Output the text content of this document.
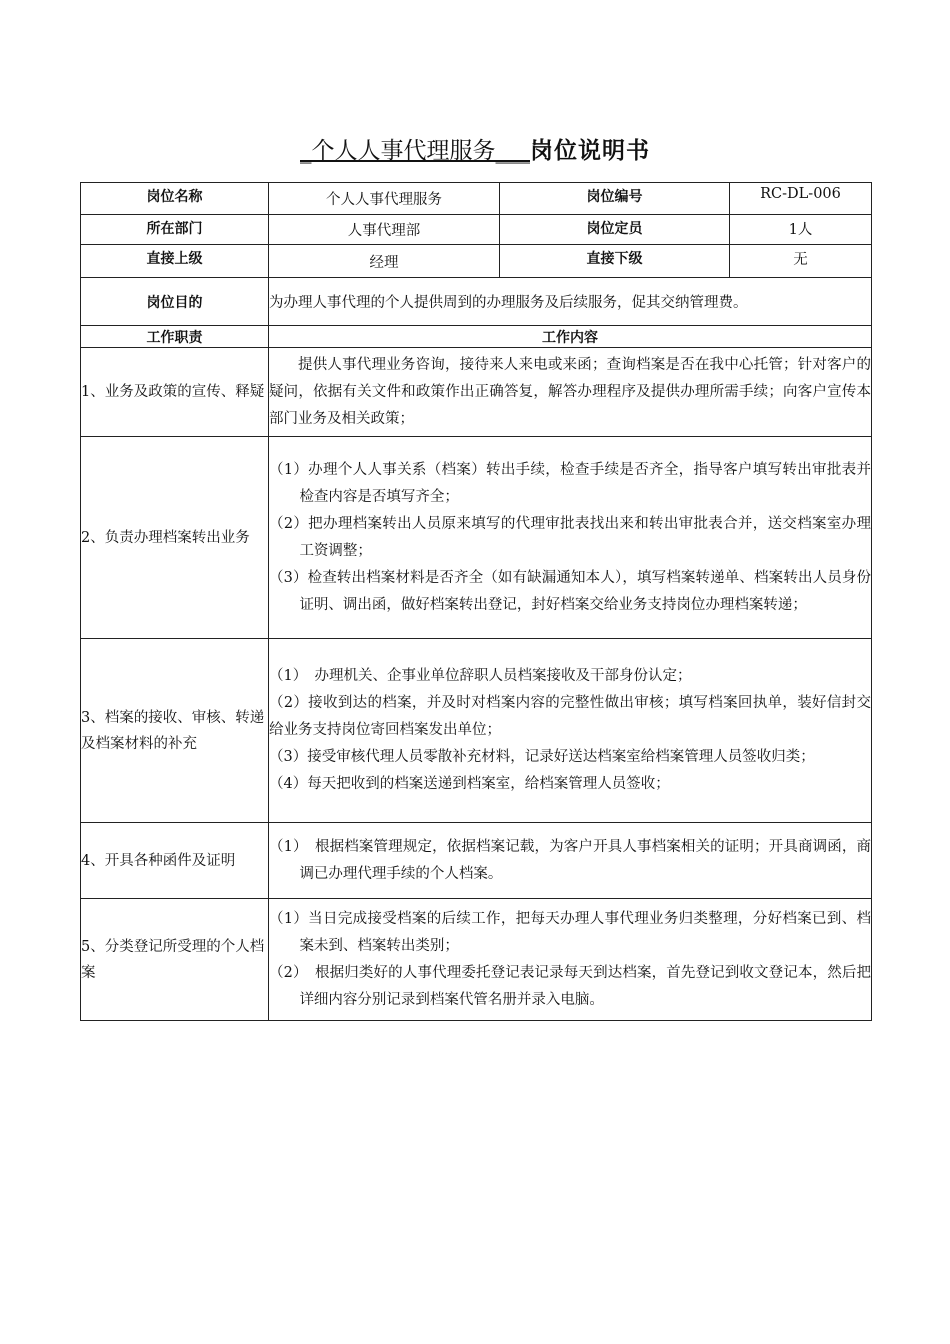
_个人人事代理服务___岗位说明书
岗位名称	个人人事代理服务	岗位编号	RC-DL-006
所在部门	人事代理部	岗位定员	1人
直接上级	经理	直接下级	无
岗位目的	为办理人事代理的个人提供周到的办理服务及后续服务，促其交纳管理费。		
工作职责	工作内容		
1、业务及政策的宣传、释疑	提供人事代理业务咨询，接待来人来电或来函；查询档案是否在我中心托管；针对客户的疑问，依据有关文件和政策作出正确答复，解答办理程序及提供办理所需手续；向客户宣传本部门业务及相关政策；		

2、负责办理档案转出业务	（1）办理个人人事关系（档案）转出手续，检查手续是否齐全，指导客户填写转出审批表并检查内容是否填写齐全；
（2）把办理档案转出人员原来填写的代理审批表找出来和转出审批表合并，送交档案室办理工资调整；
（3）检查转出档案材料是否齐全（如有缺漏通知本人），填写档案转递单、档案转出人员身份证明、调出函，做好档案转出登记，封好档案交给业务支持岗位办理档案转递；		

3、档案的接收、审核、转递及档案材料的补充	（1）　办理机关、企事业单位辞职人员档案接收及干部身份认定；
（2）接收到达的档案，并及时对档案内容的完整性做出审核；填写档案回执单，装好信封交给业务支持岗位寄回档案发出单位；
（3）接受审核代理人员零散补充材料，记录好送达档案室给档案管理人员签收归类；
（4）每天把收到的档案送递到档案室，给档案管理人员签收；		

4、开具各种函件及证明	（1）　根据档案管理规定，依据档案记载，为客户开具人事档案相关的证明；开具商调函，商调已办理代理手续的个人档案。		

5、分类登记所受理的个人档案	（1）当日完成接受档案的后续工作，把每天办理人事代理业务归类整理，分好档案已到、档案未到、档案转出类别；
（2）　根据归类好的人事代理委托登记表记录每天到达档案，首先登记到收文登记本，然后把详细内容分别记录到档案代管名册并录入电脑。		
